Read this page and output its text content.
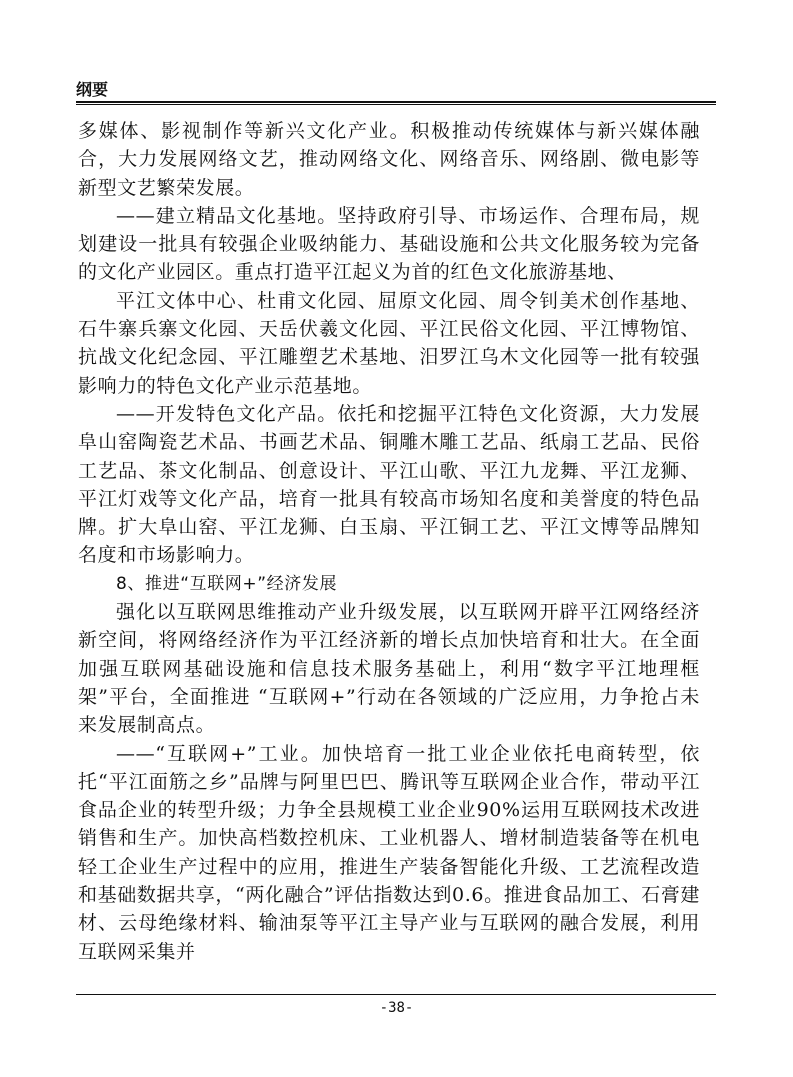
纲要

多媒体、影视制作等新兴文化产业。积极推动传统媒体与新兴媒体融合，大力发展网络文艺，推动网络文化、网络音乐、网络剧、微电影等新型文艺繁荣发展。

——建立精品文化基地。坚持政府引导、市场运作、合理布局，规划建设一批具有较强企业吸纳能力、基础设施和公共文化服务较为完备的文化产业园区。重点打造平江起义为首的红色文化旅游基地、

平江文体中心、杜甫文化园、屈原文化园、周令钊美术创作基地、石牛寨兵寨文化园、天岳伏羲文化园、平江民俗文化园、平江博物馆、抗战文化纪念园、平江雕塑艺术基地、汨罗江乌木文化园等一批有较强影响力的特色文化产业示范基地。

——开发特色文化产品。依托和挖掘平江特色文化资源，大力发展阜山窑陶瓷艺术品、书画艺术品、铜雕木雕工艺品、纸扇工艺品、民俗工艺品、茶文化制品、创意设计、平江山歌、平江九龙舞、平江龙狮、平江灯戏等文化产品，培育一批具有较高市场知名度和美誉度的特色品牌。扩大阜山窑、平江龙狮、白玉扇、平江铜工艺、平江文博等品牌知名度和市场影响力。

8、推进“互联网+”经济发展

强化以互联网思维推动产业升级发展，以互联网开辟平江网络经济新空间，将网络经济作为平江经济新的增长点加快培育和壮大。在全面加强互联网基础设施和信息技术服务基础上，利用“数字平江地理框架”平台，全面推进 “互联网+”行动在各领域的广泛应用，力争抢占未来发展制高点。

——“互联网+”工业。加快培育一批工业企业依托电商转型，依托“平江面筋之乡”品牌与阿里巴巴、腾讯等互联网企业合作，带动平江食品企业的转型升级；力争全县规模工业企业90%运用互联网技术改进销售和生产。加快高档数控机床、工业机器人、增材制造装备等在机电轻工企业生产过程中的应用，推进生产装备智能化升级、工艺流程改造和基础数据共享，“两化融合”评估指数达到0.6。推进食品加工、石膏建材、云母绝缘材料、输油泵等平江主导产业与互联网的融合发展，利用互联网采集并

-38-
